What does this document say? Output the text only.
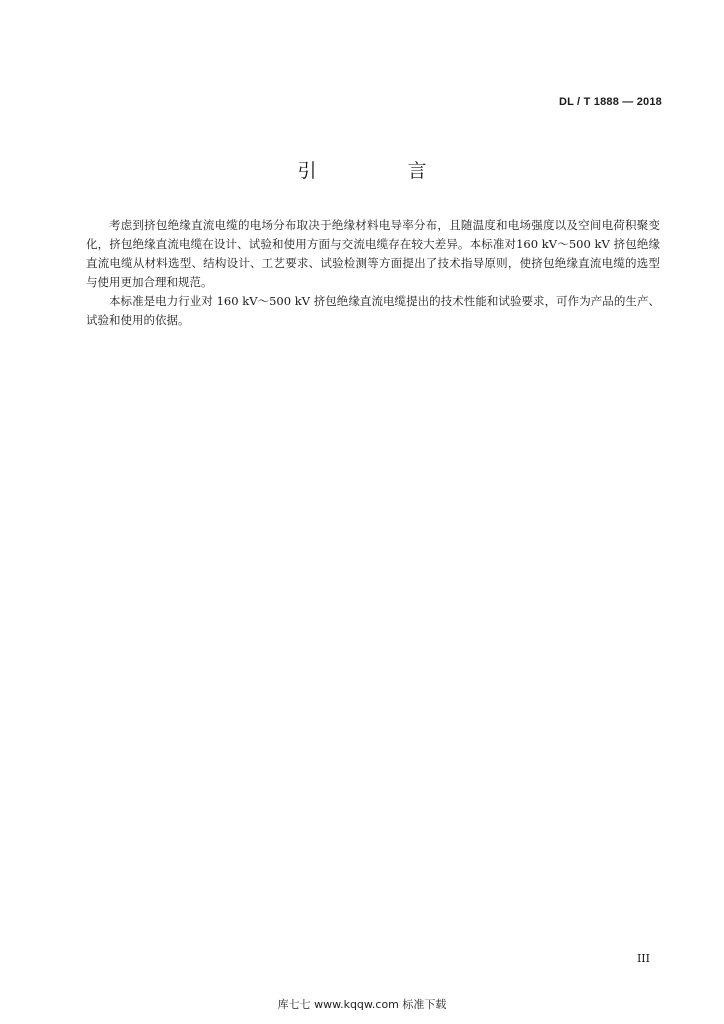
DL / T 1888 — 2018
引　言

考虑到挤包绝缘直流电缆的电场分布取决于绝缘材料电导率分布，且随温度和电场强度以及空间电荷积聚变化，挤包绝缘直流电缆在设计、试验和使用方面与交流电缆存在较大差异。本标准对160 kV～500 kV 挤包绝缘直流电缆从材料选型、结构设计、工艺要求、试验检测等方面提出了技术指导原则，使挤包绝缘直流电缆的选型与使用更加合理和规范。

本标准是电力行业对 160 kV～500 kV 挤包绝缘直流电缆提出的技术性能和试验要求，可作为产品的生产、试验和使用的依据。

III
库七七 www.kqqw.com 标准下载
